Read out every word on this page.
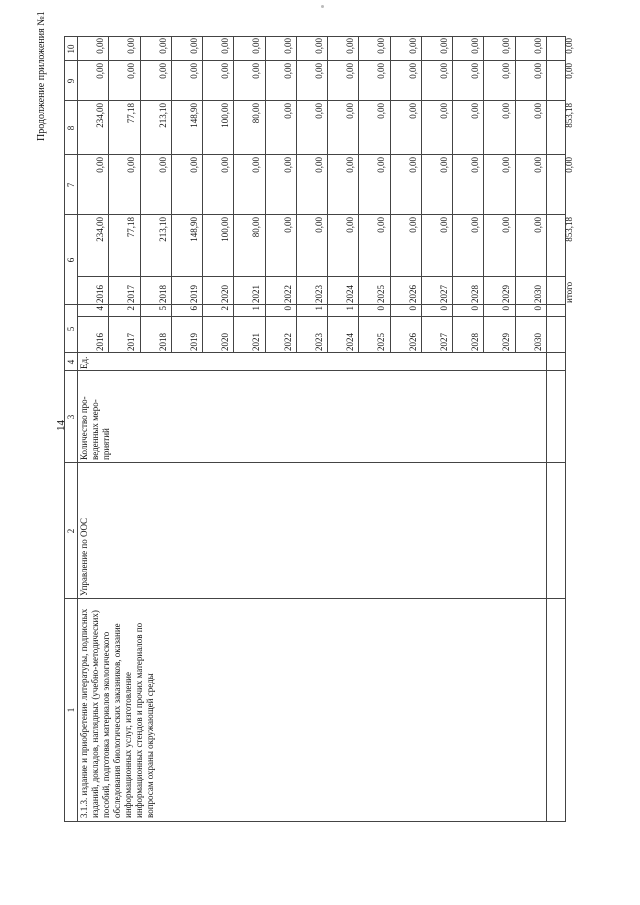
Продолжение приложения №1
14
1
2
3
4
5
6
7
8
9
10
3.1.3. издание и приобретение литературы, подписных изданий, докладов, наглядных (учебно-методических) пособий, подготовка материалов экологического обследования биологических заказников, оказание информационных услуг, изготовление информационных стендов и прочих материалов по вопросам охраны окружающей среды
Управление по ООС
Количество про-веденных меро-приятий
Ед.
2016
4
2016
234,00
0,00
234,00
0,00
0,00
2017
2
2017
77,18
0,00
77,18
0,00
0,00
2018
5
2018
213,10
0,00
213,10
0,00
0,00
2019
6
2019
148,90
0,00
148,90
0,00
0,00
2020
2
2020
100,00
0,00
100,00
0,00
0,00
2021
1
2021
80,00
0,00
80,00
0,00
0,00
2022
0
2022
0,00
0,00
0,00
0,00
0,00
2023
1
2023
0,00
0,00
0,00
0,00
0,00
2024
1
2024
0,00
0,00
0,00
0,00
0,00
2025
0
2025
0,00
0,00
0,00
0,00
0,00
2026
0
2026
0,00
0,00
0,00
0,00
0,00
2027
0
2027
0,00
0,00
0,00
0,00
0,00
2028
0
2028
0,00
0,00
0,00
0,00
0,00
2029
0
2029
0,00
0,00
0,00
0,00
0,00
2030
0
2030
0,00
0,00
0,00
0,00
0,00
итого
853,18
0,00
853,18
0,00
0,00
